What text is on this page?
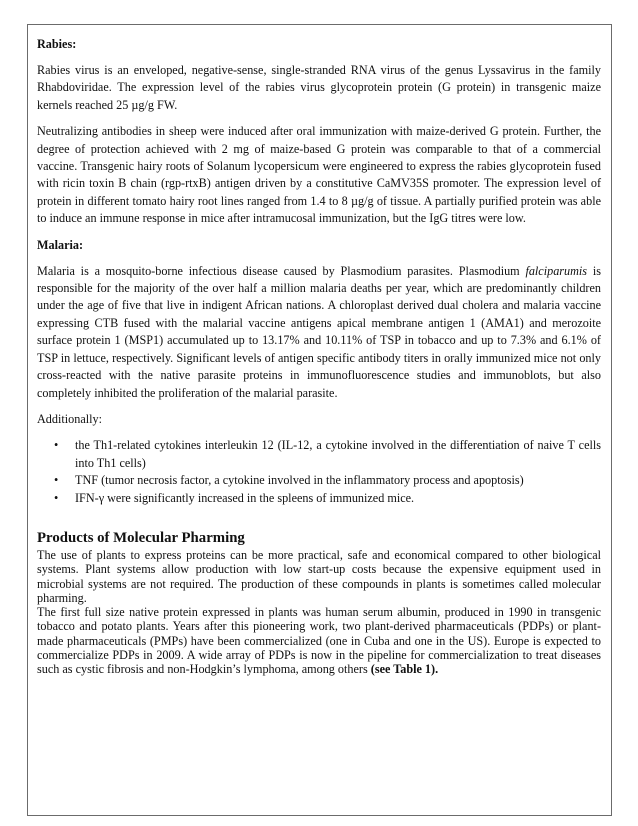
Rabies:

Rabies virus is an enveloped, negative-sense, single-stranded RNA virus of the genus Lyssavirus in the family Rhabdoviridae. The expression level of the rabies virus glycoprotein protein (G protein) in transgenic maize kernels reached 25 µg/g FW.

Neutralizing antibodies in sheep were induced after oral immunization with maize-derived G protein. Further, the degree of protection achieved with 2 mg of maize-based G protein was comparable to that of a commercial vaccine. Transgenic hairy roots of Solanum lycopersicum were engineered to express the rabies glycoprotein fused with ricin toxin B chain (rgp-rtxB) antigen driven by a constitutive CaMV35S promoter. The expression level of protein in different tomato hairy root lines ranged from 1.4 to 8 µg/g of tissue. A partially purified protein was able to induce an immune response in mice after intramucosal immunization, but the IgG titres were low.

Malaria:

Malaria is a mosquito-borne infectious disease caused by Plasmodium parasites. Plasmodium falciparumis is responsible for the majority of the over half a million malaria deaths per year, which are predominantly children under the age of five that live in indigent African nations. A chloroplast derived dual cholera and malaria vaccine expressing CTB fused with the malarial vaccine antigens apical membrane antigen 1 (AMA1) and merozoite surface protein 1 (MSP1) accumulated up to 13.17% and 10.11% of TSP in tobacco and up to 7.3% and 6.1% of TSP in lettuce, respectively. Significant levels of antigen specific antibody titers in orally immunized mice not only cross-reacted with the native parasite proteins in immunofluorescence studies and immunoblots, but also completely inhibited the proliferation of the malarial parasite.

Additionally:

• the Th1-related cytokines interleukin 12 (IL-12, a cytokine involved in the differentiation of naive T cells into Th1 cells)
• TNF (tumor necrosis factor, a cytokine involved in the inflammatory process and apoptosis)
• IFN-γ were significantly increased in the spleens of immunized mice.
Products of Molecular Pharming

The use of plants to express proteins can be more practical, safe and economical compared to other biological systems. Plant systems allow production with low start-up costs because the expensive equipment used in microbial systems are not required. The production of these compounds in plants is sometimes called molecular pharming.

The first full size native protein expressed in plants was human serum albumin, produced in 1990 in transgenic tobacco and potato plants. Years after this pioneering work, two plant-derived pharmaceuticals (PDPs) or plant-made pharmaceuticals (PMPs) have been commercialized (one in Cuba and one in the US). Europe is expected to commercialize PDPs in 2009. A wide array of PDPs is now in the pipeline for commercialization to treat diseases such as cystic fibrosis and non-Hodgkin’s lymphoma, among others (see Table 1).
